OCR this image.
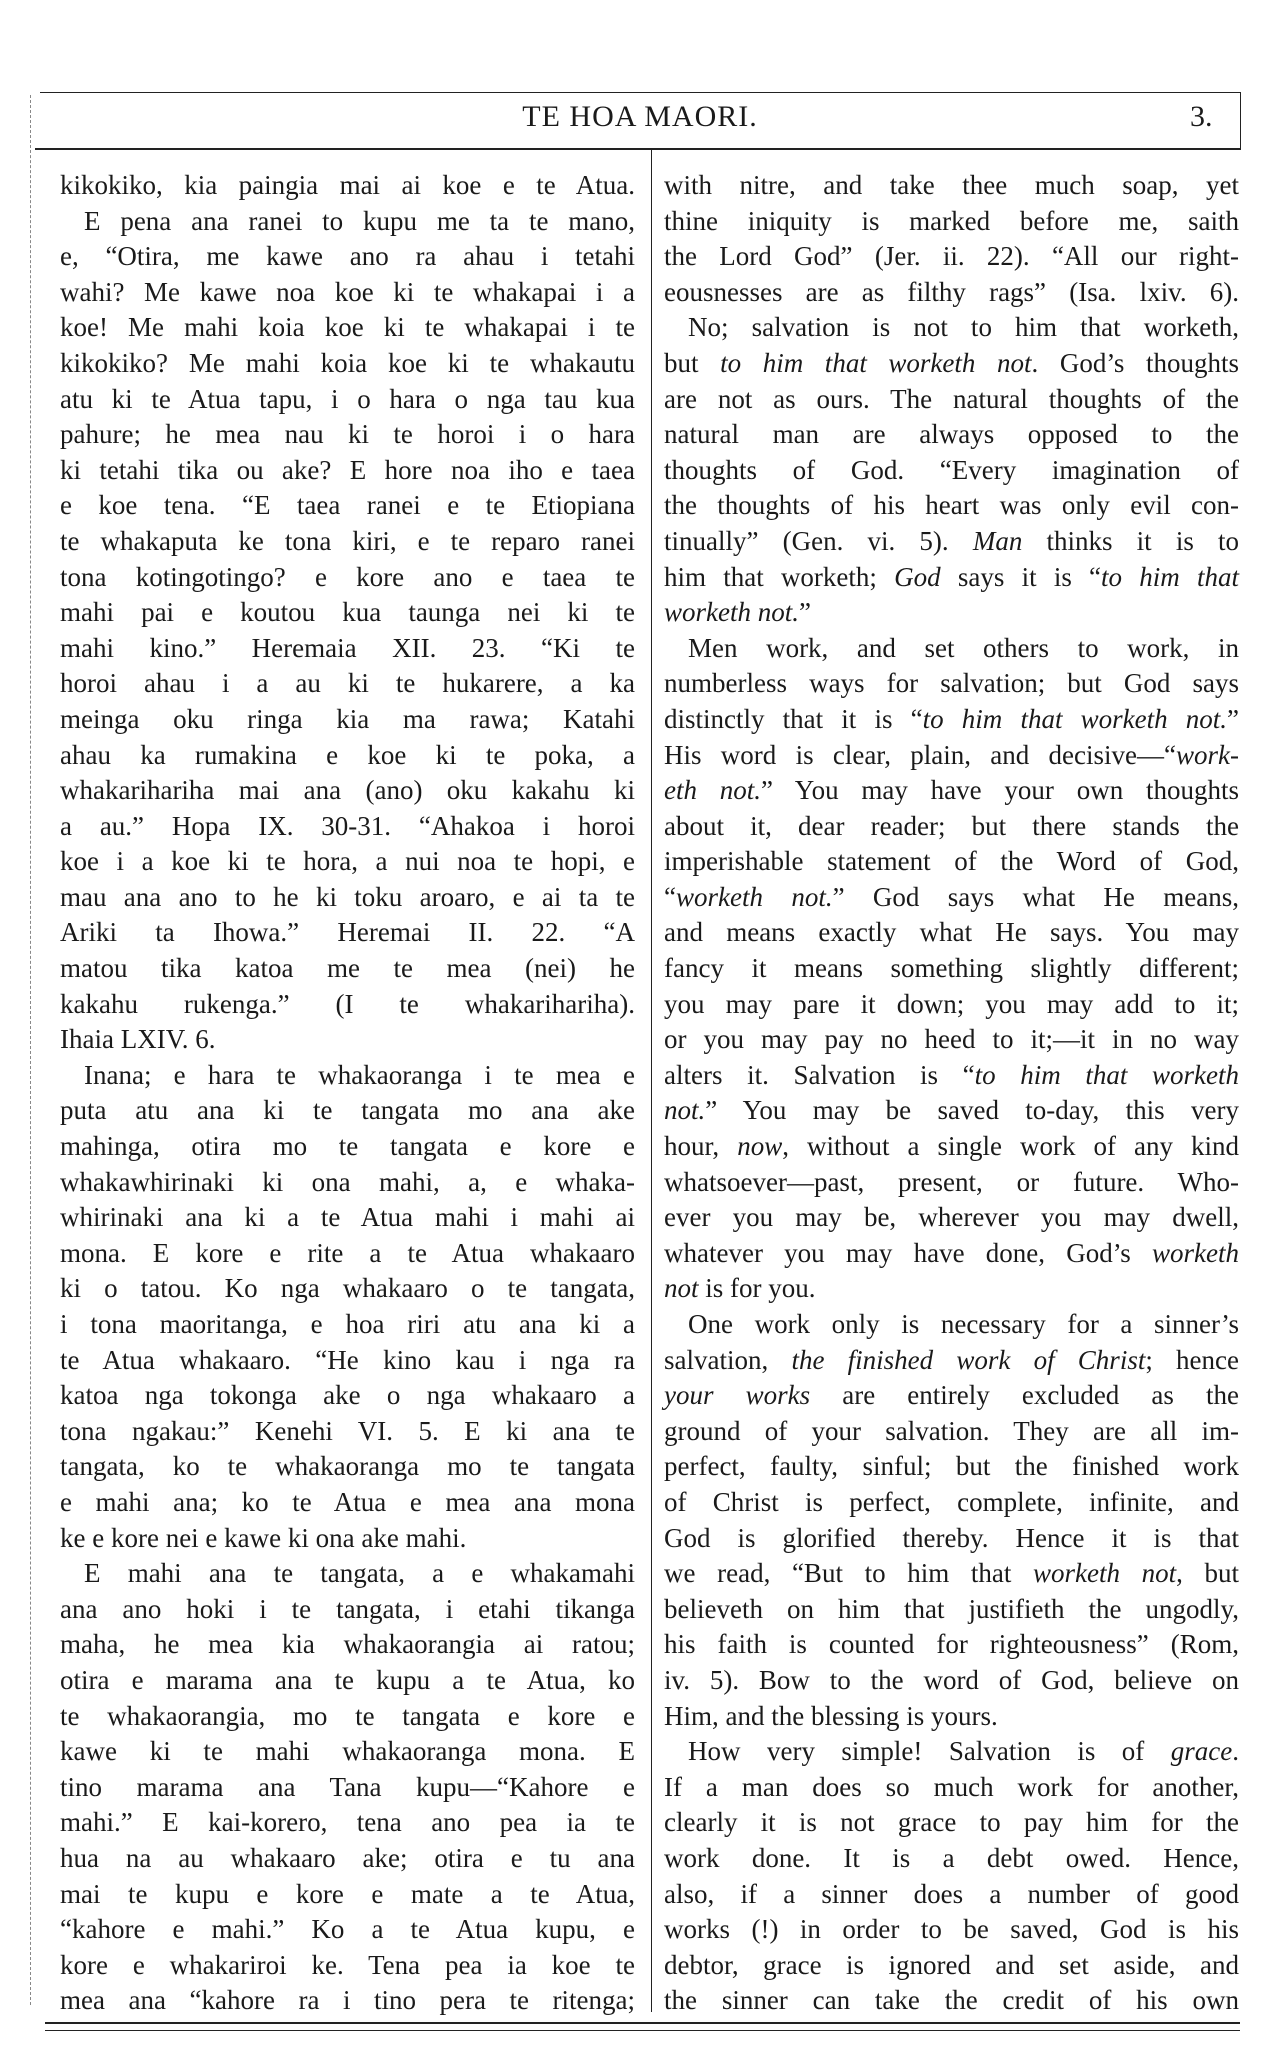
TE HOA MAORI.	3.
kikokiko, kia paingia mai ai koe e te Atua.
E pena ana ranei to kupu me ta te mano,
e, “Otira, me kawe ano ra ahau i tetahi
wahi? Me kawe noa koe ki te whakapai i a
koe! Me mahi koia koe ki te whakapai i te
kikokiko? Me mahi koia koe ki te whakautu
atu ki te Atua tapu, i o hara o nga tau kua
pahure; he mea nau ki te horoi i o hara
ki tetahi tika ou ake? E hore noa iho e taea
e koe tena. “E taea ranei e te Etiopiana
te whakaputa ke tona kiri, e te reparo ranei
tona kotingotingo? e kore ano e taea te
mahi pai e koutou kua taunga nei ki te
mahi kino.” Heremaia XII. 23. “Ki te
horoi ahau i a au ki te hukarere, a ka
meinga oku ringa kia ma rawa; Katahi
ahau ka rumakina e koe ki te poka, a
whakarihariha mai ana (ano) oku kakahu ki
a au.” Hopa IX. 30-31. “Ahakoa i horoi
koe i a koe ki te hora, a nui noa te hopi, e
mau ana ano to he ki toku aroaro, e ai ta te
Ariki ta Ihowa.” Heremai II. 22. “A
matou tika katoa me te mea (nei) he
kakahu rukenga.” (I te whakarihariha).
Ihaia LXIV. 6.
Inana; e hara te whakaoranga i te mea e
puta atu ana ki te tangata mo ana ake
mahinga, otira mo te tangata e kore e
whakawhirinaki ki ona mahi, a, e whaka-
whirinaki ana ki a te Atua mahi i mahi ai
mona. E kore e rite a te Atua whakaaro
ki o tatou. Ko nga whakaaro o te tangata,
i tona maoritanga, e hoa riri atu ana ki a
te Atua whakaaro. “He kino kau i nga ra
katoa nga tokonga ake o nga whakaaro a
tona ngakau:” Kenehi VI. 5. E ki ana te
tangata, ko te whakaoranga mo te tangata
e mahi ana; ko te Atua e mea ana mona
ke e kore nei e kawe ki ona ake mahi.
E mahi ana te tangata, a e whakamahi
ana ano hoki i te tangata, i etahi tikanga
maha, he mea kia whakaorangia ai ratou;
otira e marama ana te kupu a te Atua, ko
te whakaorangia, mo te tangata e kore e
kawe ki te mahi whakaoranga mona. E
tino marama ana Tana kupu—“Kahore e
mahi.” E kai-korero, tena ano pea ia te
hua na au whakaaro ake; otira e tu ana
mai te kupu e kore e mate a te Atua,
“kahore e mahi.” Ko a te Atua kupu, e
kore e whakariroi ke. Tena pea ia koe te
mea ana “kahore ra i tino pera te ritenga;
with nitre, and take thee much soap, yet
thine iniquity is marked before me, saith
the Lord God” (Jer. ii. 22). “All our right-
eousnesses are as filthy rags” (Isa. lxiv. 6).
No; salvation is not to him that worketh,
but to him that worketh not. God’s thoughts
are not as ours. The natural thoughts of the
natural man are always opposed to the
thoughts of God. “Every imagination of
the thoughts of his heart was only evil con-
tinually” (Gen. vi. 5). Man thinks it is to
him that worketh; God says it is “to him that
worketh not.”
Men work, and set others to work, in
numberless ways for salvation; but God says
distinctly that it is “to him that worketh not.”
His word is clear, plain, and decisive—“work-
eth not.” You may have your own thoughts
about it, dear reader; but there stands the
imperishable statement of the Word of God,
“worketh not.” God says what He means,
and means exactly what He says. You may
fancy it means something slightly different;
you may pare it down; you may add to it;
or you may pay no heed to it;—it in no way
alters it. Salvation is “to him that worketh
not.” You may be saved to-day, this very
hour, now, without a single work of any kind
whatsoever—past, present, or future. Who-
ever you may be, wherever you may dwell,
whatever you may have done, God’s worketh
not is for you.
One work only is necessary for a sinner’s
salvation, the finished work of Christ; hence
your works are entirely excluded as the
ground of your salvation. They are all im-
perfect, faulty, sinful; but the finished work
of Christ is perfect, complete, infinite, and
God is glorified thereby. Hence it is that
we read, “But to him that worketh not, but
believeth on him that justifieth the ungodly,
his faith is counted for righteousness” (Rom,
iv. 5). Bow to the word of God, believe on
Him, and the blessing is yours.
How very simple! Salvation is of grace.
If a man does so much work for another,
clearly it is not grace to pay him for the
work done. It is a debt owed. Hence,
also, if a sinner does a number of good
works (!) in order to be saved, God is his
debtor, grace is ignored and set aside, and
the sinner can take the credit of his own
